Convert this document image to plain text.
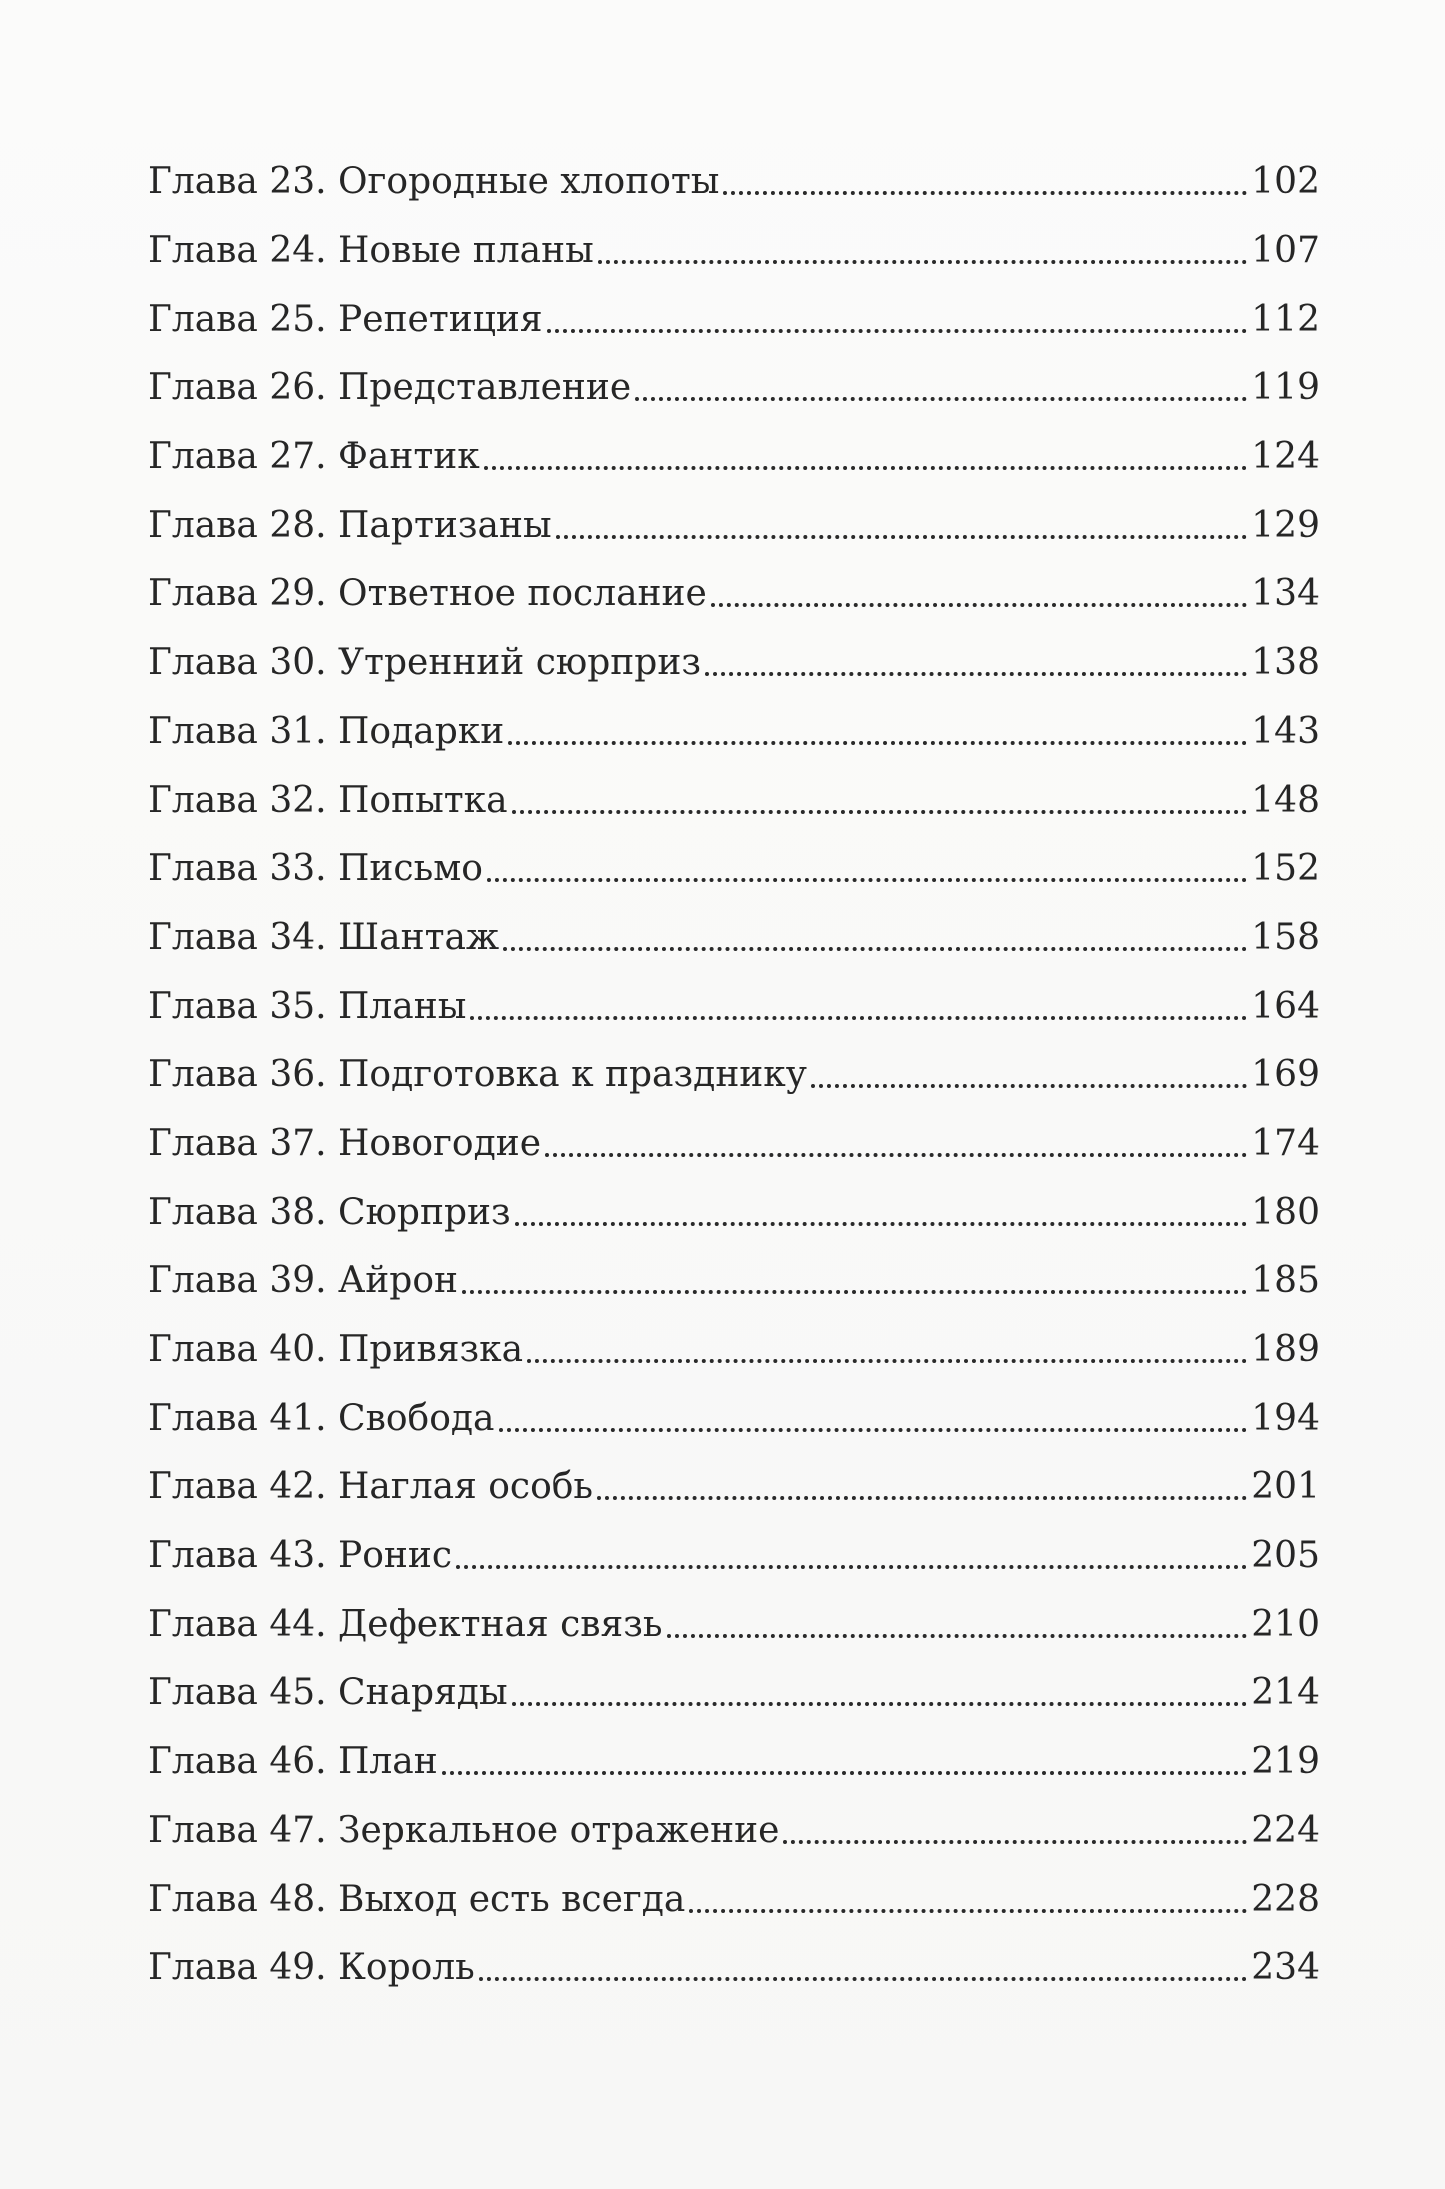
Глава 23. Огородные хлопоты	102
Глава 24. Новые планы	107
Глава 25. Репетиция	112
Глава 26. Представление	119
Глава 27. Фантик	124
Глава 28. Партизаны	129
Глава 29. Ответное послание	134
Глава 30. Утренний сюрприз	138
Глава 31. Подарки	143
Глава 32. Попытка	148
Глава 33. Письмо	152
Глава 34. Шантаж	158
Глава 35. Планы	164
Глава 36. Подготовка к празднику	169
Глава 37. Новогодие	174
Глава 38. Сюрприз	180
Глава 39. Айрон	185
Глава 40. Привязка	189
Глава 41. Свобода	194
Глава 42. Наглая особь	201
Глава 43. Ронис	205
Глава 44. Дефектная связь	210
Глава 45. Снаряды	214
Глава 46. План	219
Глава 47. Зеркальное отражение	224
Глава 48. Выход есть всегда	228
Глава 49. Король	234
